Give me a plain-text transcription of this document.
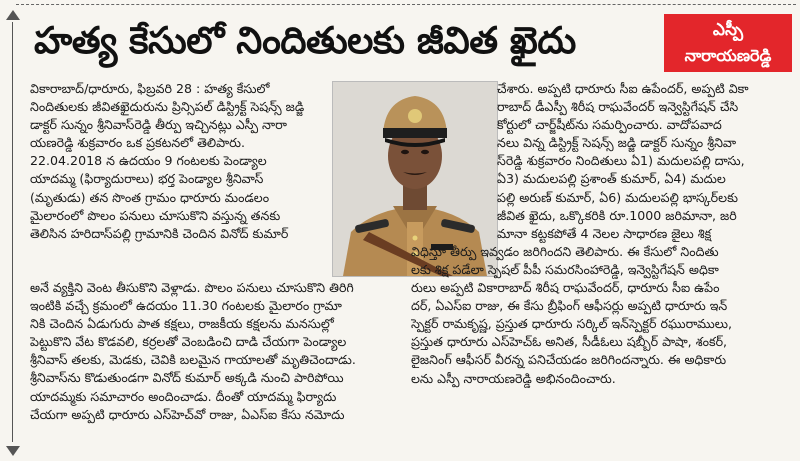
హత్య కేసులో నిందితులకు జీవిత ఖైదు	ఎస్పీ
నారాయణరెడ్డి

వికారాబాద్/ధారూరు, ఫిబ్రవరి 28 : హత్య కేసులో

నిందితులకు జీవితఖైదురును ప్రిన్సిపల్ డిస్ట్రిక్ట్ సెషన్స్ జడ్జి

డాక్టర్ సున్నం శ్రీనివాస్‌రెడ్డి తీర్పు ఇచ్చినట్లు ఎస్పీ నారా

యణరెడ్డి శుక్రవారం ఒక ప్రకటనలో తెలిపారు.

22.04.2018 న ఉదయం 9 గంటలకు పెండ్యాల

యాదమ్మ (ఫిర్యాదురాలు) భర్త పెండ్యాల శ్రీనివాస్

(మృతుడు) తన సొంత గ్రామం ధారూరు మండలం

మైలారంలో పొలం పనులు చూసుకొని వస్తున్న తనకు

తెలిసిన హరిదాస్‌పల్లి గ్రామానికి చెందిన వినోద్ కుమార్

చేశారు. అప్పటి ధారూరు సీఐ ఉపేందర్, అప్పటి వికా

రాబాద్ డీఎస్పీ శిరీష రాఘవేందర్ ఇన్వెస్టిగేషన్ చేసి

కోర్టులో చార్జ్‌షీట్‌ను సమర్పించారు. వాదోపవాద

నలు విన్న డిస్ట్రిక్ట్ సెషన్స్ జడ్జి డాక్టర్ సున్నం శ్రీనివా

స్‌రెడ్డి శుక్రవారం నిందితులు ఏ1) మదులపల్లి దాసు,

ఏ3) మదులపల్లి ప్రశాంత్ కుమార్, ఏ4) మదుల

పల్లి అరుణ్ కుమార్, ఏ6) మదులపల్లి భాస్కర్‌లకు

జీవిత ఖైదు, ఒక్కొకరికి రూ.1000 జరిమానా, జరి

మానా కట్టకపోతే 4 నెలల సాధారణ జైలు శిక్ష

విధిస్తూ తీర్పు ఇవ్వడం జరిగిందని తెలిపారు. ఈ కేసులో నిందితు

లకు శిక్ష పడేలా స్పెషల్ పీపీ సమరసింహారెడ్డి, ఇన్వెస్టిగేషన్ అధికా

రులు అప్పటి వికారాబాద్ శిరీష రాఘవేందర్, ధారూరు సీఐ ఉపేం

దర్, ఏఎస్‌ఐ రాజు, ఈ కేసు బ్రీఫింగ్ ఆఫీసర్లు అప్పటి ధారూరు ఇన్

స్పెక్టర్ రామకృష్ణ, ప్రస్తుత ధారూరు సర్కిల్ ఇన్‌స్పెక్టర్ రఘురాములు,

ప్రస్తుత ధారూరు ఎస్‌హెచ్‌ఓ అనిత, సీడీఓలు షబ్బీర్ పాషా, శంకర్,

లైజనింగ్ ఆఫీసర్ వీరన్న పనిచేయడం జరిగిందన్నారు. ఈ అధికారు

లను ఎస్పీ నారాయణరెడ్డి అభినందించారు.

అనే వ్యక్తిని వెంట తీసుకొని వెళ్లాడు. పొలం పనులు చూసుకొని తిరిగి

ఇంటికి వచ్చే క్రమంలో ఉదయం 11.30 గంటలకు మైలారం గ్రామా

నికి చెందిన ఏడుగురు పాత కక్షలు, రాజకీయ కక్షలను మనసుల్లో

పెట్టుకొని వేట కొడవలి, కర్రలతో వెంబడించి దాడి చేయగా పెండ్యాల

శ్రీనివాస్ తలకు, మెడకు, చెవికి బలమైన గాయాలతో మృతిచెందాడు.

శ్రీనివాస్‌ను కొడుతుండగా వినోద్ కుమార్ అక్కడి నుంచి పారిపోయి

యాదమ్మకు సమాచారం అందించాడు. దీంతో యాదమ్మ ఫిర్యాదు

చేయగా అప్పటి ధారూరు ఎస్‌హెచ్‌వో రాజు, ఏఎస్‌ఐ కేసు నమోదు
